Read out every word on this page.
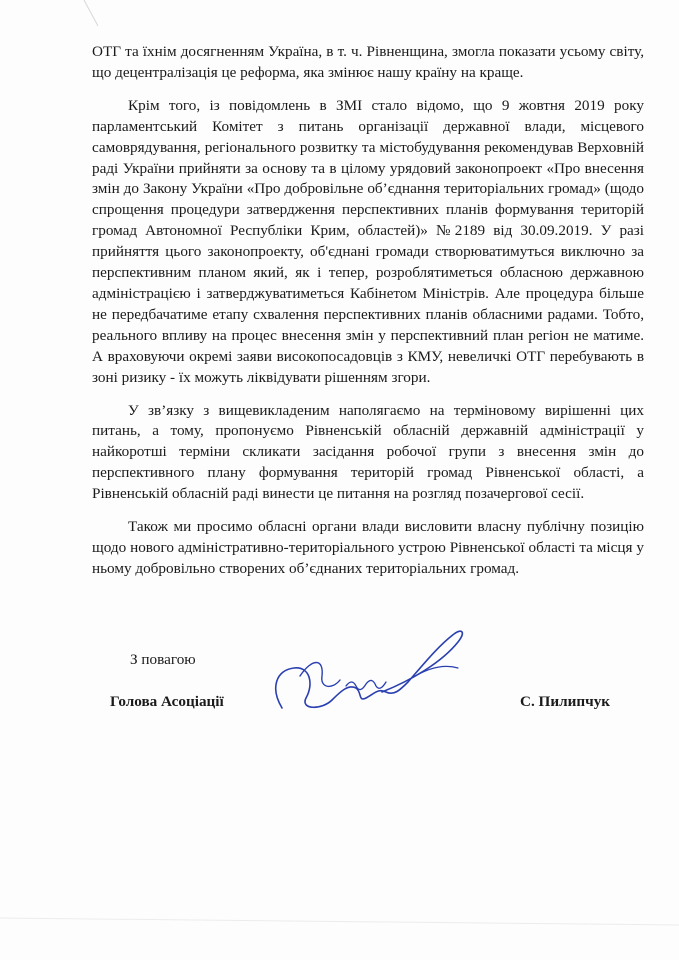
ОТГ та їхнім досягненням Україна, в т. ч. Рівненщина, змогла показати усьому світу, що децентралізація це реформа, яка змінює нашу країну на краще.

Крім того, із повідомлень в ЗМІ стало відомо, що 9 жовтня 2019 року парламентський Комітет з питань організації державної влади, місцевого самоврядування, регіонального розвитку та містобудування рекомендував Верховній раді України прийняти за основу та в цілому урядовий законопроект «Про внесення змін до Закону України «Про добровільне об’єднання територіальних громад» (щодо спрощення процедури затвердження перспективних планів формування територій громад Автономної Республіки Крим, областей)» №2189 від 30.09.2019. У разі прийняття цього законопроекту, об'єднані громади створюватимуться виключно за перспективним планом який, як і тепер, розроблятиметься обласною державною адміністрацією і затверджуватиметься Кабінетом Міністрів. Але процедура більше не передбачатиме етапу схвалення перспективних планів обласними радами. Тобто, реального впливу на процес внесення змін у перспективний план регіон не матиме. А враховуючи окремі заяви високопосадовців з КМУ, невеличкі ОТГ перебувають в зоні ризику - їх можуть ліквідувати рішенням згори.

У зв’язку з вищевикладеним наполягаємо на терміновому вирішенні цих питань, а тому, пропонуємо Рівненській обласній державній адміністрації у найкоротші терміни скликати засідання робочої групи з внесення змін до перспективного плану формування територій громад Рівненської області, а Рівненській обласній раді винести це питання на розгляд позачергової сесії.

Також ми просимо обласні органи влади висловити власну публічну позицію щодо нового адміністративно-територіального устрою Рівненської області та місця у ньому добровільно створених об’єднаних територіальних громад.

З повагою
Голова Асоціації	С. Пилипчук
